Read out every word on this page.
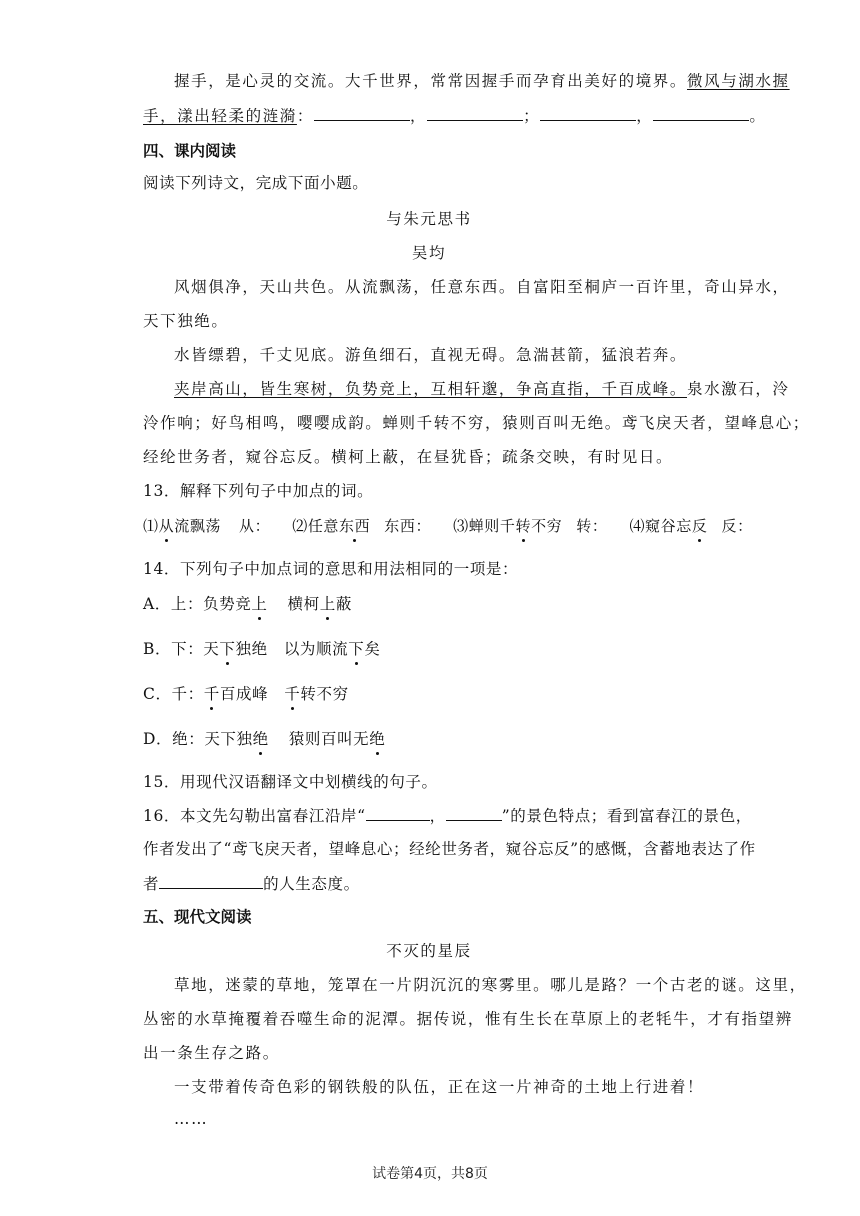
握手，是心灵的交流。大千世界，常常因握手而孕育出美好的境界。微风与湖水握
手，漾出轻柔的涟漪：	，	；	，	。
四、课内阅读
阅读下列诗文，完成下面小题。
与朱元思书
吴均
风烟俱净，天山共色。从流飘荡，任意东西。自富阳至桐庐一百许里，奇山异水，
天下独绝。
水皆缥碧，千丈见底。游鱼细石，直视无碍。急湍甚箭，猛浪若奔。
夹岸高山，皆生寒树，负势竞上，互相轩邈，争高直指，千百成峰。泉水激石，泠
泠作响；好鸟相鸣，嘤嘤成韵。蝉则千转不穷，猿则百叫无绝。鸢飞戾天者，望峰息心；
经纶世务者，窥谷忘反。横柯上蔽，在昼犹昏；疏条交映，有时见日。
13．解释下列句子中加点的词。
⑴从流飘荡 从： ⑵任意东西 东西： ⑶蝉则千转不穷 转： ⑷窥谷忘反 反：
14．下列句子中加点词的意思和用法相同的一项是：
A．上：负势竞上 横柯上蔽
B．下：天下独绝　以为顺流下矣
C．千：千百成峰　千转不穷
D．绝：天下独绝 猿则百叫无绝
15．用现代汉语翻译文中划横线的句子。
16．本文先勾勒出富春江沿岸“	，	”的景色特点；看到富春江的景色，
作者发出了“鸢飞戾天者，望峰息心；经纶世务者，窥谷忘反”的感慨，含蓄地表达了作
者	的人生态度。
五、现代文阅读
不灭的星辰
草地，迷蒙的草地，笼罩在一片阴沉沉的寒雾里。哪儿是路？一个古老的谜。这里，
丛密的水草掩覆着吞噬生命的泥潭。据传说，惟有生长在草原上的老牦牛，才有指望辨
出一条生存之路。
一支带着传奇色彩的钢铁般的队伍，正在这一片神奇的土地上行进着！
……
试卷第4页，共8页
